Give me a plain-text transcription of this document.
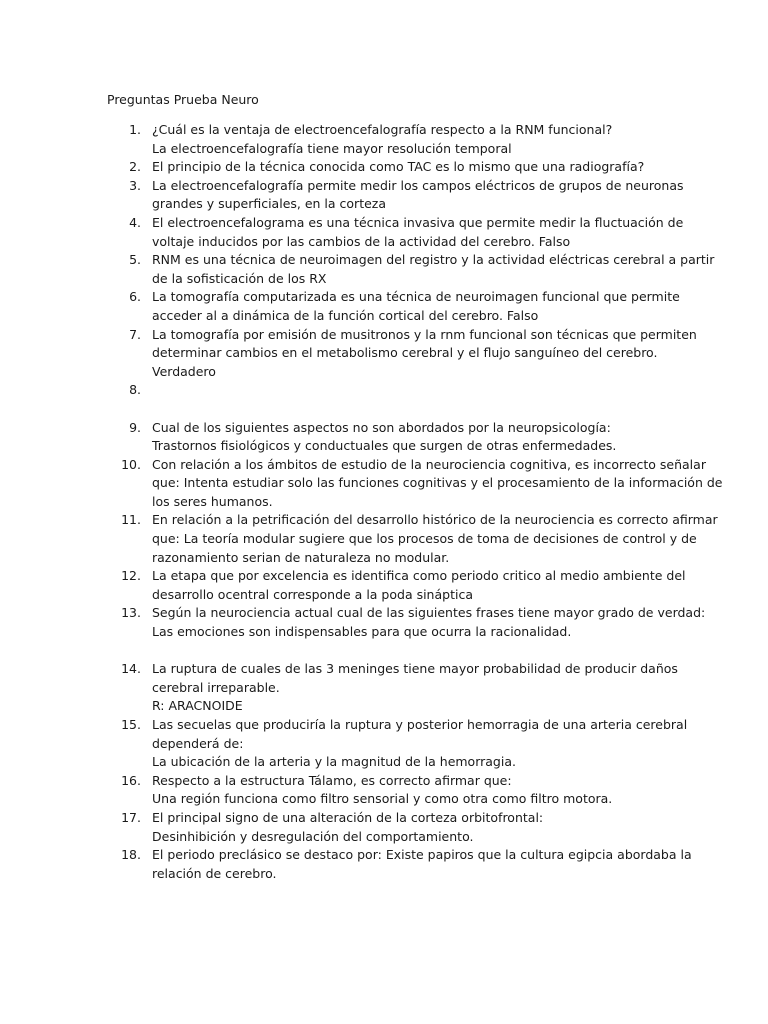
Preguntas Prueba Neuro
1. ¿Cuál es la ventaja de electroencefalografía respecto a la RNM funcional?
La electroencefalografía tiene mayor resolución temporal
2. El principio de la técnica conocida como TAC es lo mismo que una radiografía?
3. La electroencefalografía permite medir los campos eléctricos de grupos de neuronas
grandes y superficiales, en la corteza
4. El electroencefalograma es una técnica invasiva que permite medir la fluctuación de
voltaje inducidos por las cambios de la actividad del cerebro. Falso
5. RNM es una técnica de neuroimagen del registro y la actividad eléctricas cerebral a partir
de la sofisticación de los RX
6. La tomografía computarizada es una técnica de neuroimagen funcional que permite
acceder al a dinámica de la función cortical del cerebro. Falso
7. La tomografía por emisión de musitronos y la rnm funcional son técnicas que permiten
determinar cambios en el metabolismo cerebral y el flujo sanguíneo del cerebro.
Verdadero
8.

9. Cual de los siguientes aspectos no son abordados por la neuropsicología:
Trastornos fisiológicos y conductuales que surgen de otras enfermedades.
10. Con relación a los ámbitos de estudio de la neurociencia cognitiva, es incorrecto señalar
que: Intenta estudiar solo las funciones cognitivas y el procesamiento de la información de
los seres humanos.
11. En relación a la petrificación del desarrollo histórico de la neurociencia es correcto afirmar
que: La teoría modular sugiere que los procesos de toma de decisiones de control y de
razonamiento serian de naturaleza no modular.
12. La etapa que por excelencia es identifica como periodo critico al medio ambiente del
desarrollo ocentral corresponde a la poda sináptica
13. Según la neurociencia actual cual de las siguientes frases tiene mayor grado de verdad:
Las emociones son indispensables para que ocurra la racionalidad.
14. La ruptura de cuales de las 3 meninges tiene mayor probabilidad de producir daños
cerebral irreparable.
R: ARACNOIDE
15. Las secuelas que produciría la ruptura y posterior hemorragia de una arteria cerebral
dependerá de:
La ubicación de la arteria y la magnitud de la hemorragia.
16. Respecto a la estructura Tálamo, es correcto afirmar que:
Una región funciona como filtro sensorial y como otra como filtro motora.
17. El principal signo de una alteración de la corteza orbitofrontal:
Desinhibición y desregulación del comportamiento.
18. El periodo preclásico se destaco por: Existe papiros que la cultura egipcia abordaba la
relación de cerebro.
